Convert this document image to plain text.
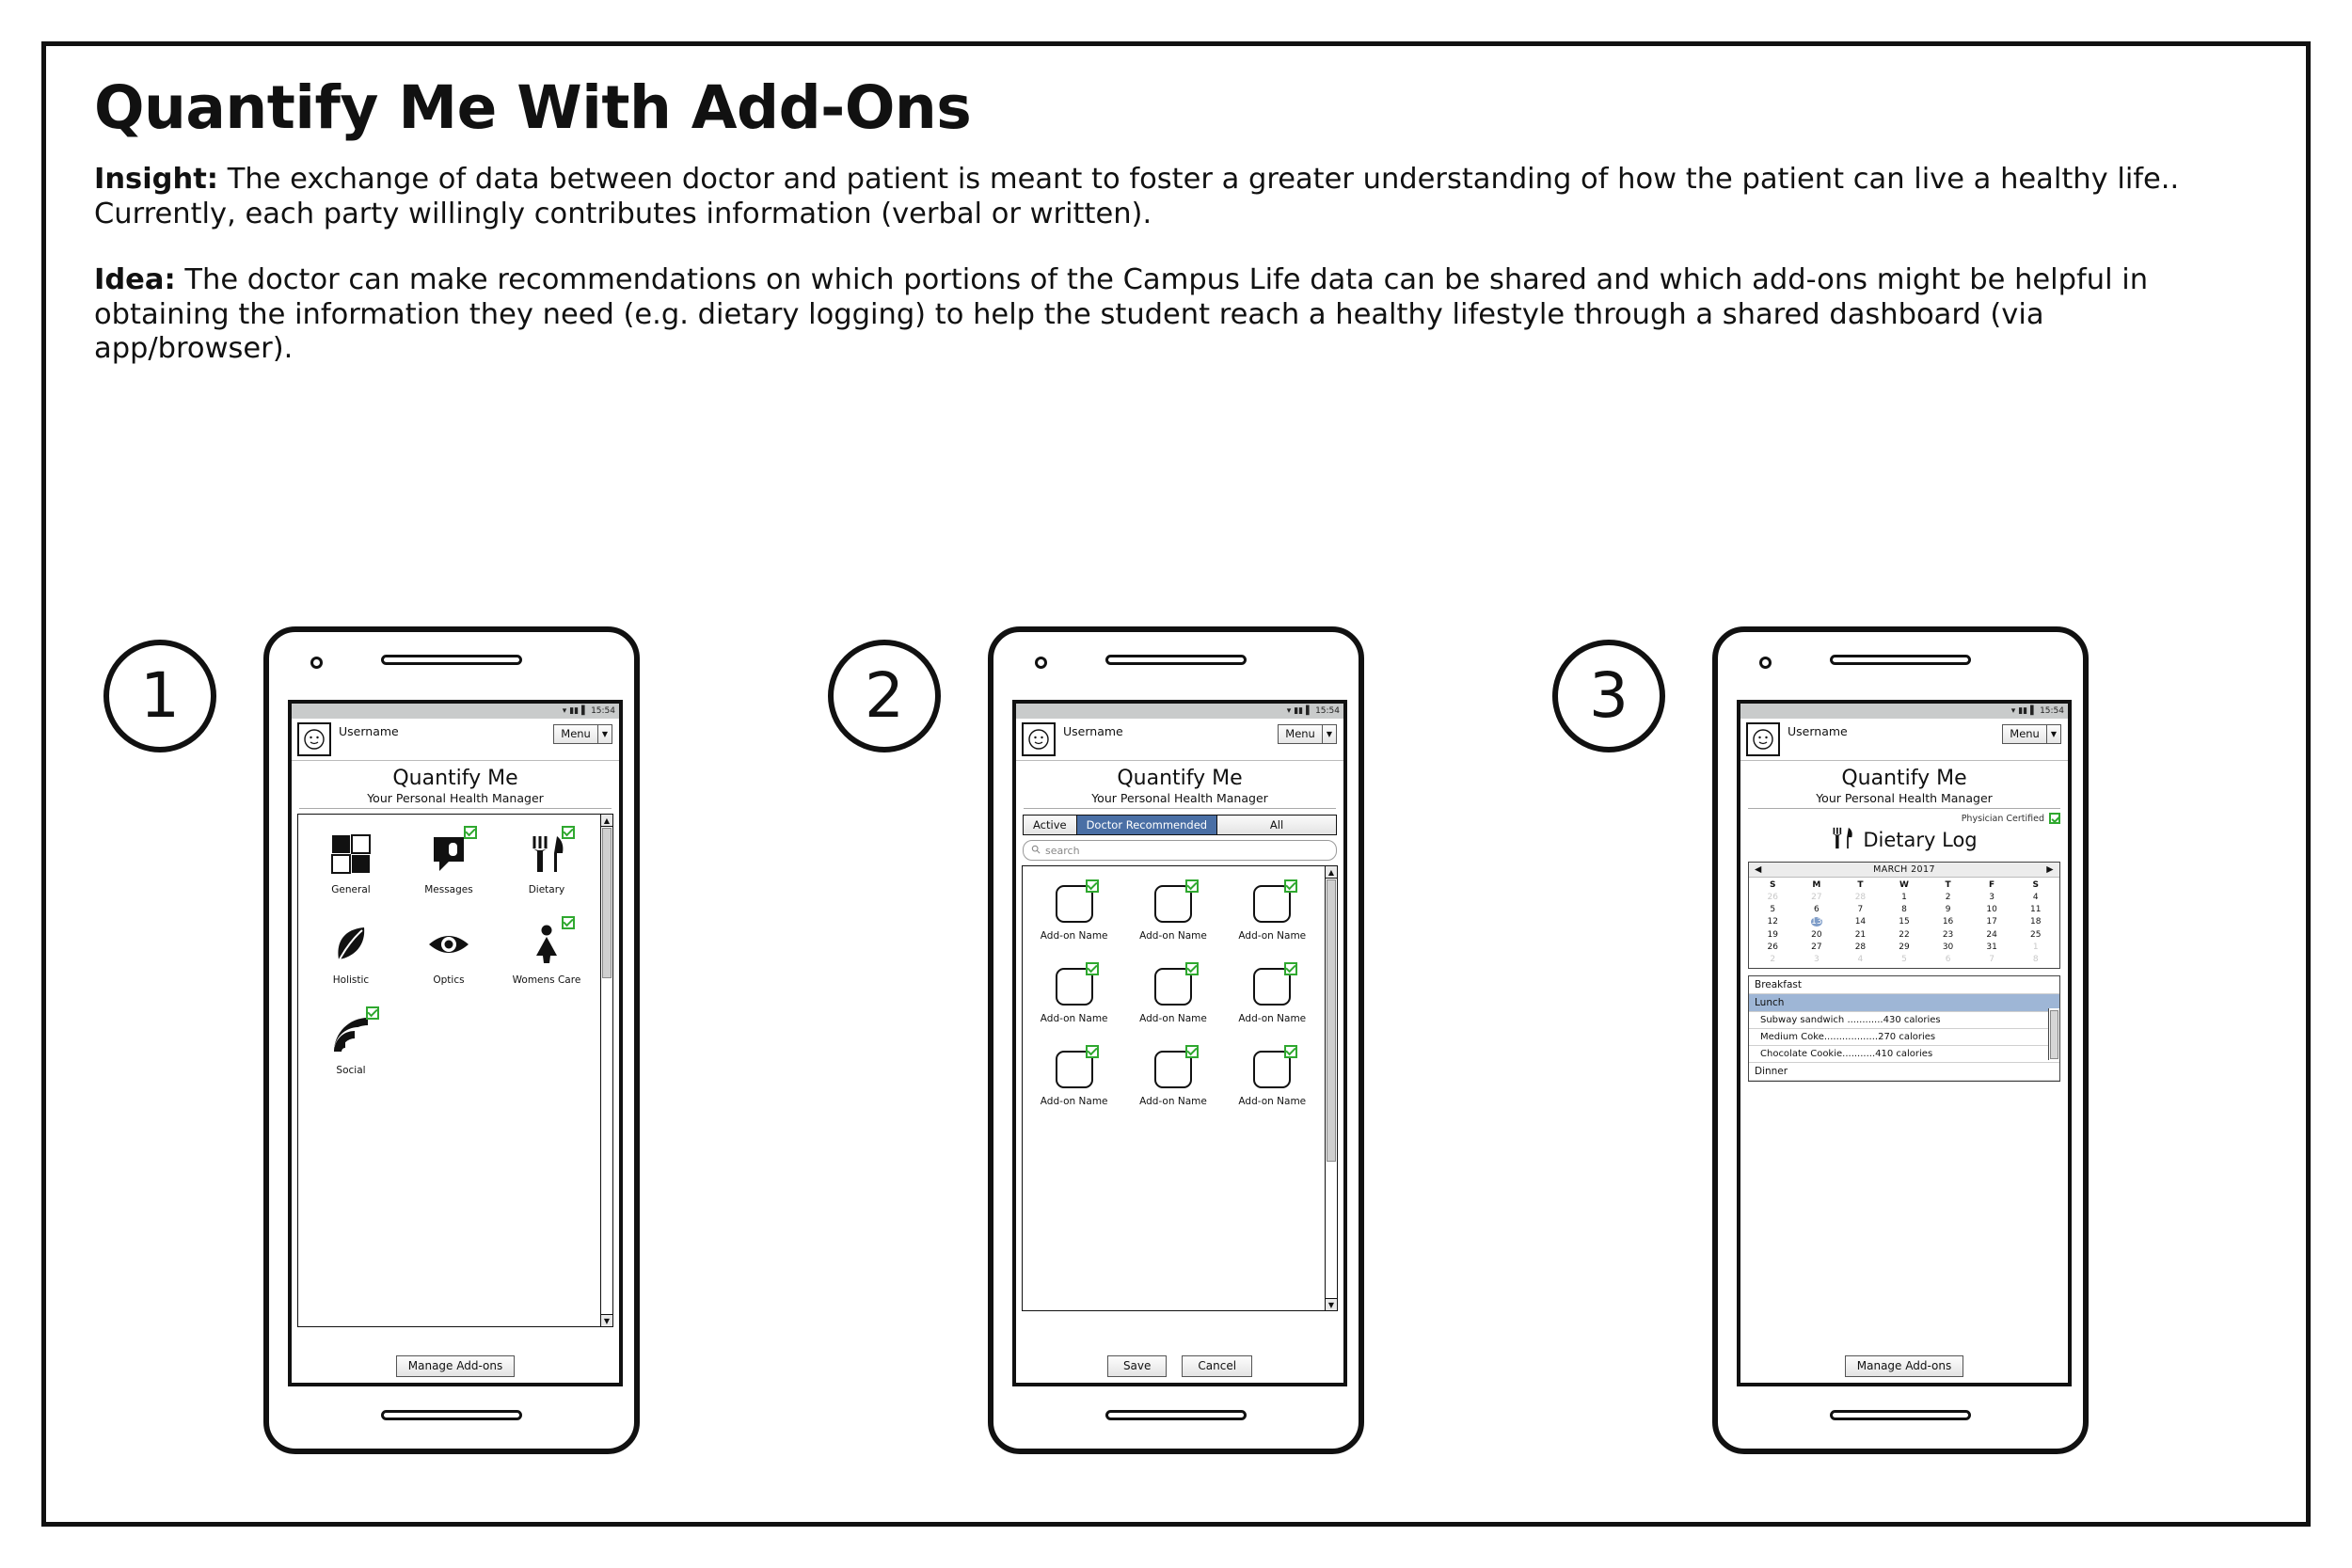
Quantify Me With Add-Ons

Insight: The exchange of data between doctor and patient is meant to foster a greater understanding of how the patient can live a healthy life.. Currently, each party willingly contributes information (verbal or written).

Idea: The doctor can make recommendations on which portions of the Campus Life data can be shared and which add-ons might be helpful in obtaining the information they need (e.g. dietary logging) to help the student reach a healthy lifestyle through a shared dashboard (via app/browser).

1	▾ ▮▮ ▌ 15:54
Username	Menu	▼
Quantify Me
Your Personal Health Manager
General	Messages	Dietary
Holistic	Optics	Womens Care
Social
▲
▼
Manage Add-ons
2	▾ ▮▮ ▌ 15:54
Username	Menu	▼
Quantify Me
Your Personal Health Manager
Active	Doctor Recommended	All
search
Add-on Name	Add-on Name	Add-on Name
Add-on Name	Add-on Name	Add-on Name
Add-on Name	Add-on Name	Add-on Name
▲
▼
Save	Cancel
3	▾ ▮▮ ▌ 15:54
Username	Menu	▼
Quantify Me
Your Personal Health Manager
Physician Certified
Dietary Log
◀	MARCH 2017	▶
S	M	T	W	T	F	S
26	27	28	1	2	3	4
5	6	7	8	9	10	11
12	13	14	15	16	17	18
19	20	21	22	23	24	25
26	27	28	29	30	31	1
2	3	4	5	6	7	8
Breakfast
Lunch
Subway sandwich ............430 calories
Medium Coke..................270 calories
Chocolate Cookie...........410 calories
Dinner
Manage Add-ons
